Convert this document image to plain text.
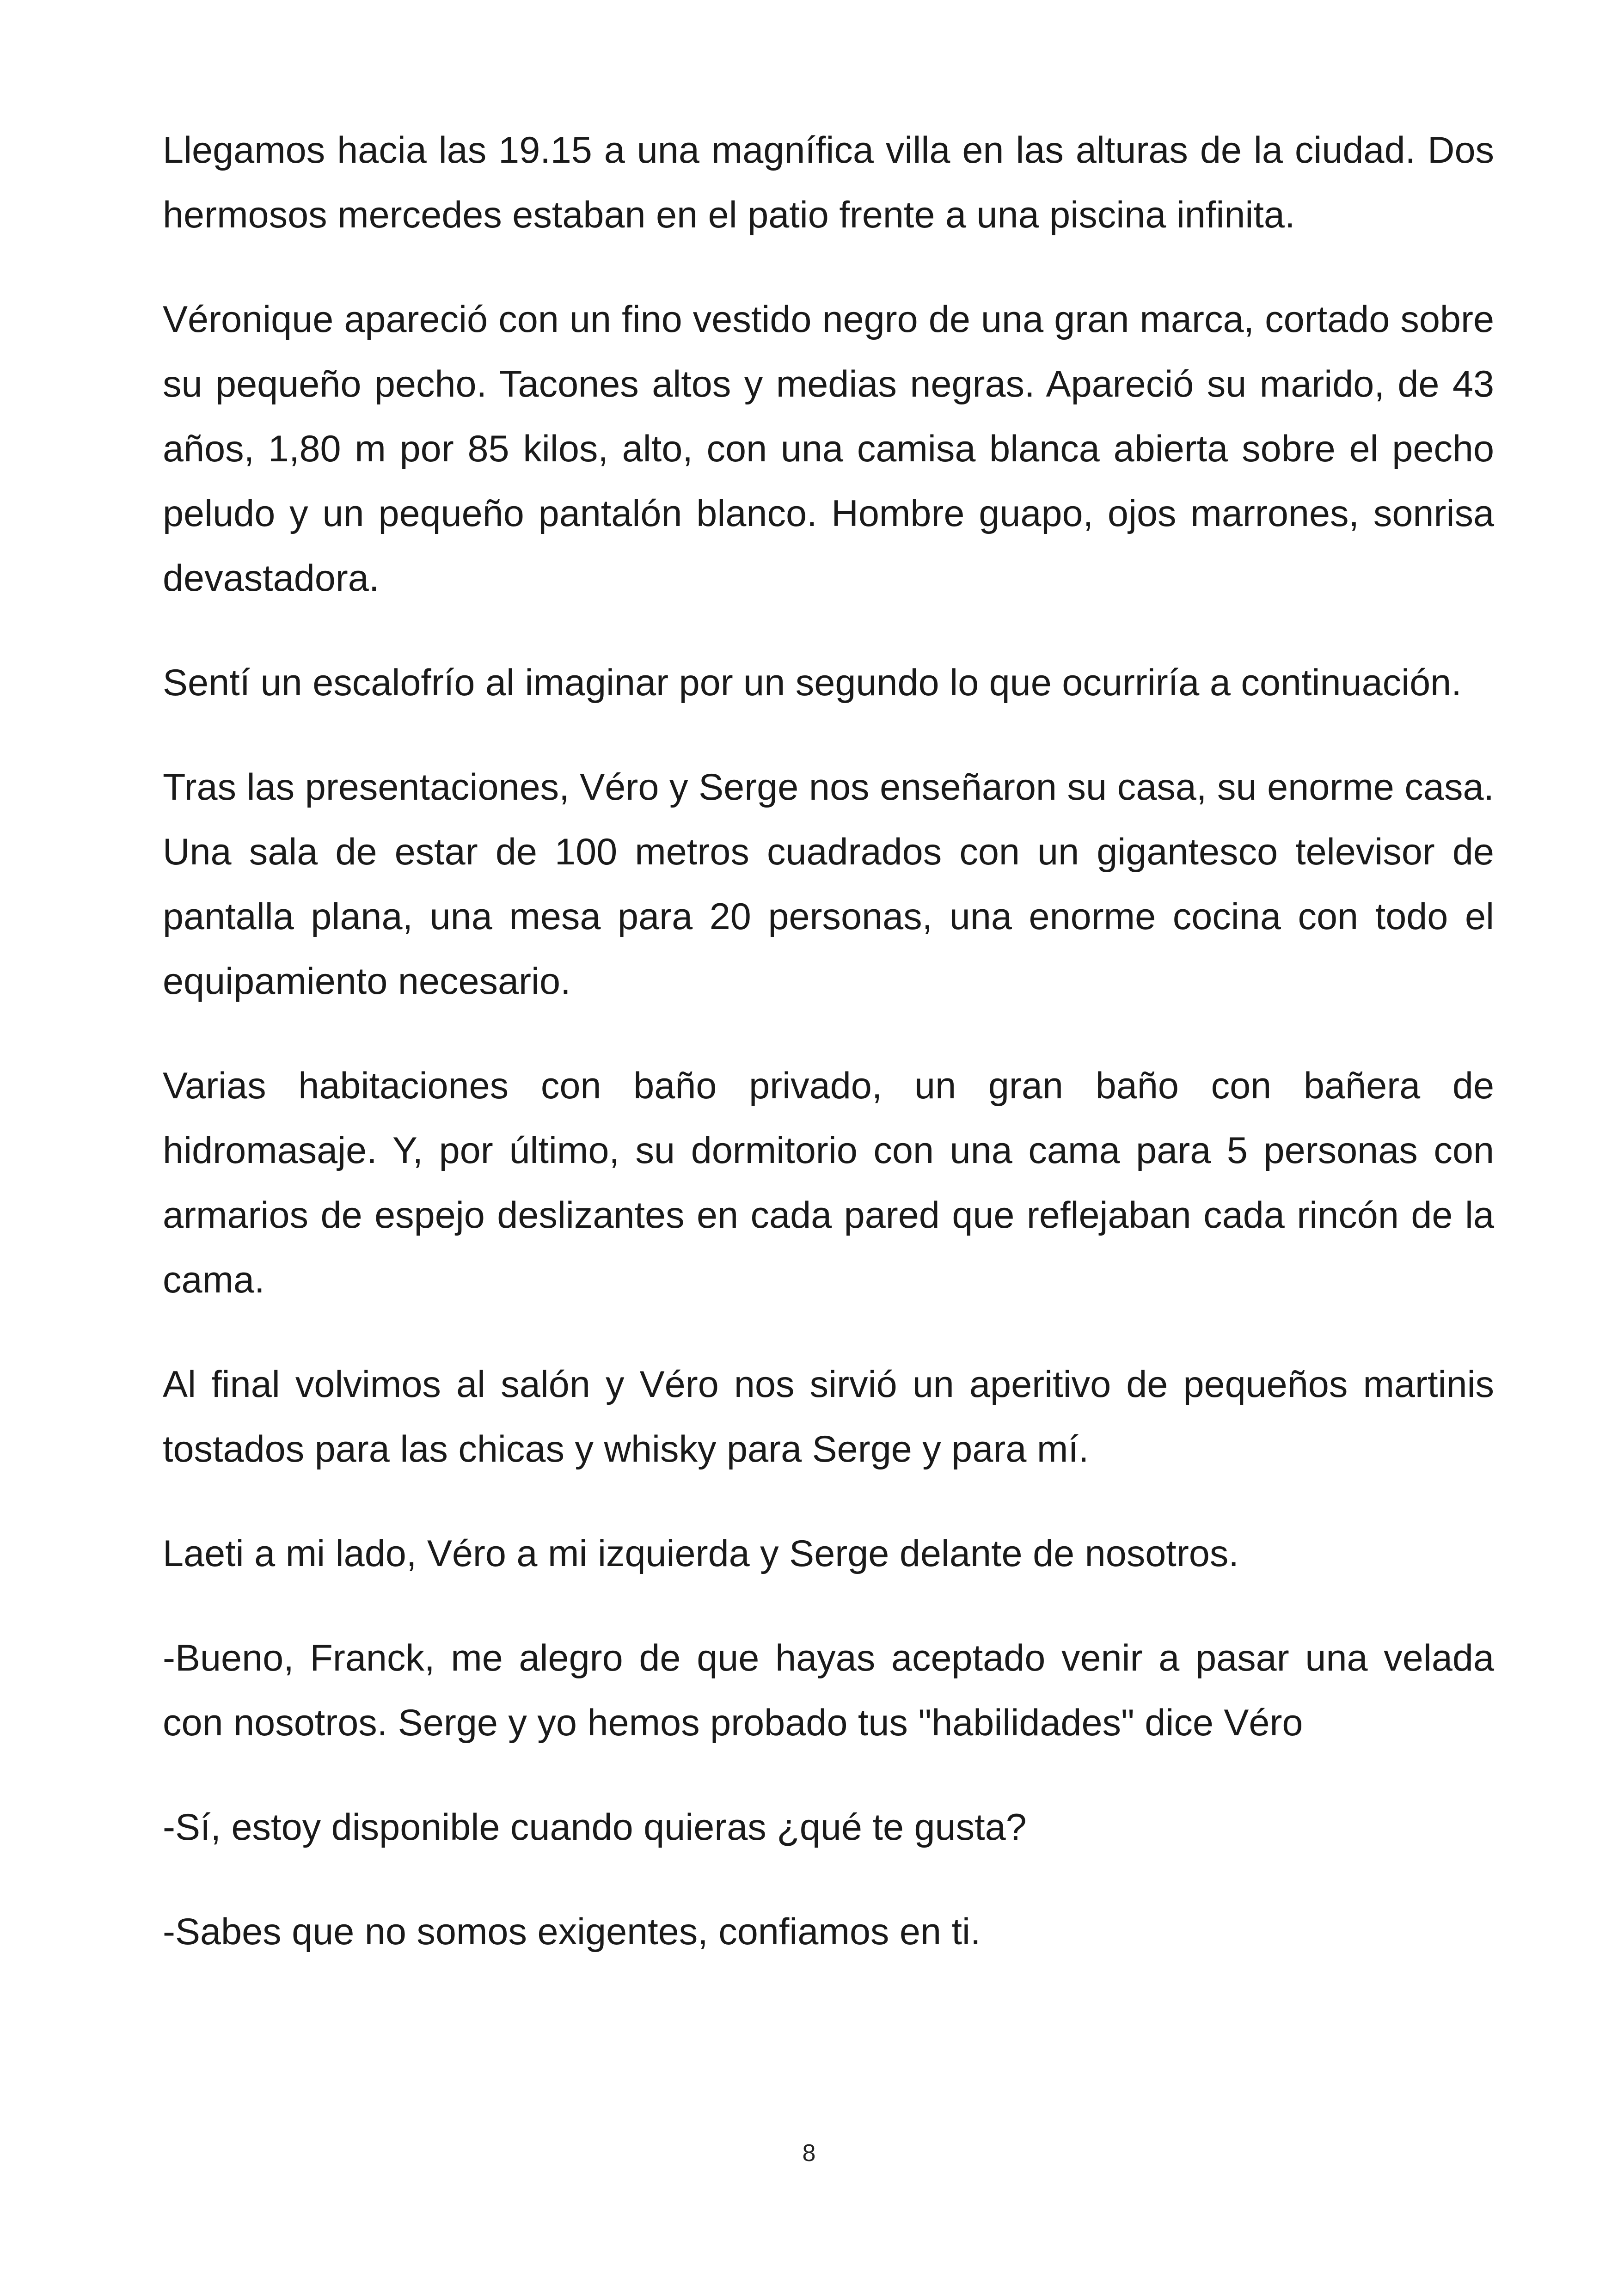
Llegamos hacia las 19.15 a una magnífica villa en las alturas de la ciudad. Dos hermosos mercedes estaban en el patio frente a una piscina infinita.

Véronique apareció con un fino vestido negro de una gran marca, cortado sobre su pequeño pecho. Tacones altos y medias negras. Apareció su marido, de 43 años, 1,80 m por 85 kilos, alto, con una camisa blanca abierta sobre el pecho peludo y un pequeño pantalón blanco. Hombre guapo, ojos marrones, sonrisa devastadora.

Sentí un escalofrío al imaginar por un segundo lo que ocurriría a continuación.

Tras las presentaciones, Véro y Serge nos enseñaron su casa, su enorme casa. Una sala de estar de 100 metros cuadrados con un gigantesco televisor de pantalla plana, una mesa para 20 personas, una enorme cocina con todo el equipamiento necesario.

Varias habitaciones con baño privado, un gran baño con bañera de hidromasaje. Y, por último, su dormitorio con una cama para 5 personas con armarios de espejo deslizantes en cada pared que reflejaban cada rincón de la cama.

Al final volvimos al salón y Véro nos sirvió un aperitivo de pequeños martinis tostados para las chicas y whisky para Serge y para mí.

Laeti a mi lado, Véro a mi izquierda y Serge delante de nosotros.

-Bueno, Franck, me alegro de que hayas aceptado venir a pasar una velada con nosotros. Serge y yo hemos probado tus "habilidades" dice Véro

-Sí, estoy disponible cuando quieras ¿qué te gusta?

-Sabes que no somos exigentes, confiamos en ti.

8
